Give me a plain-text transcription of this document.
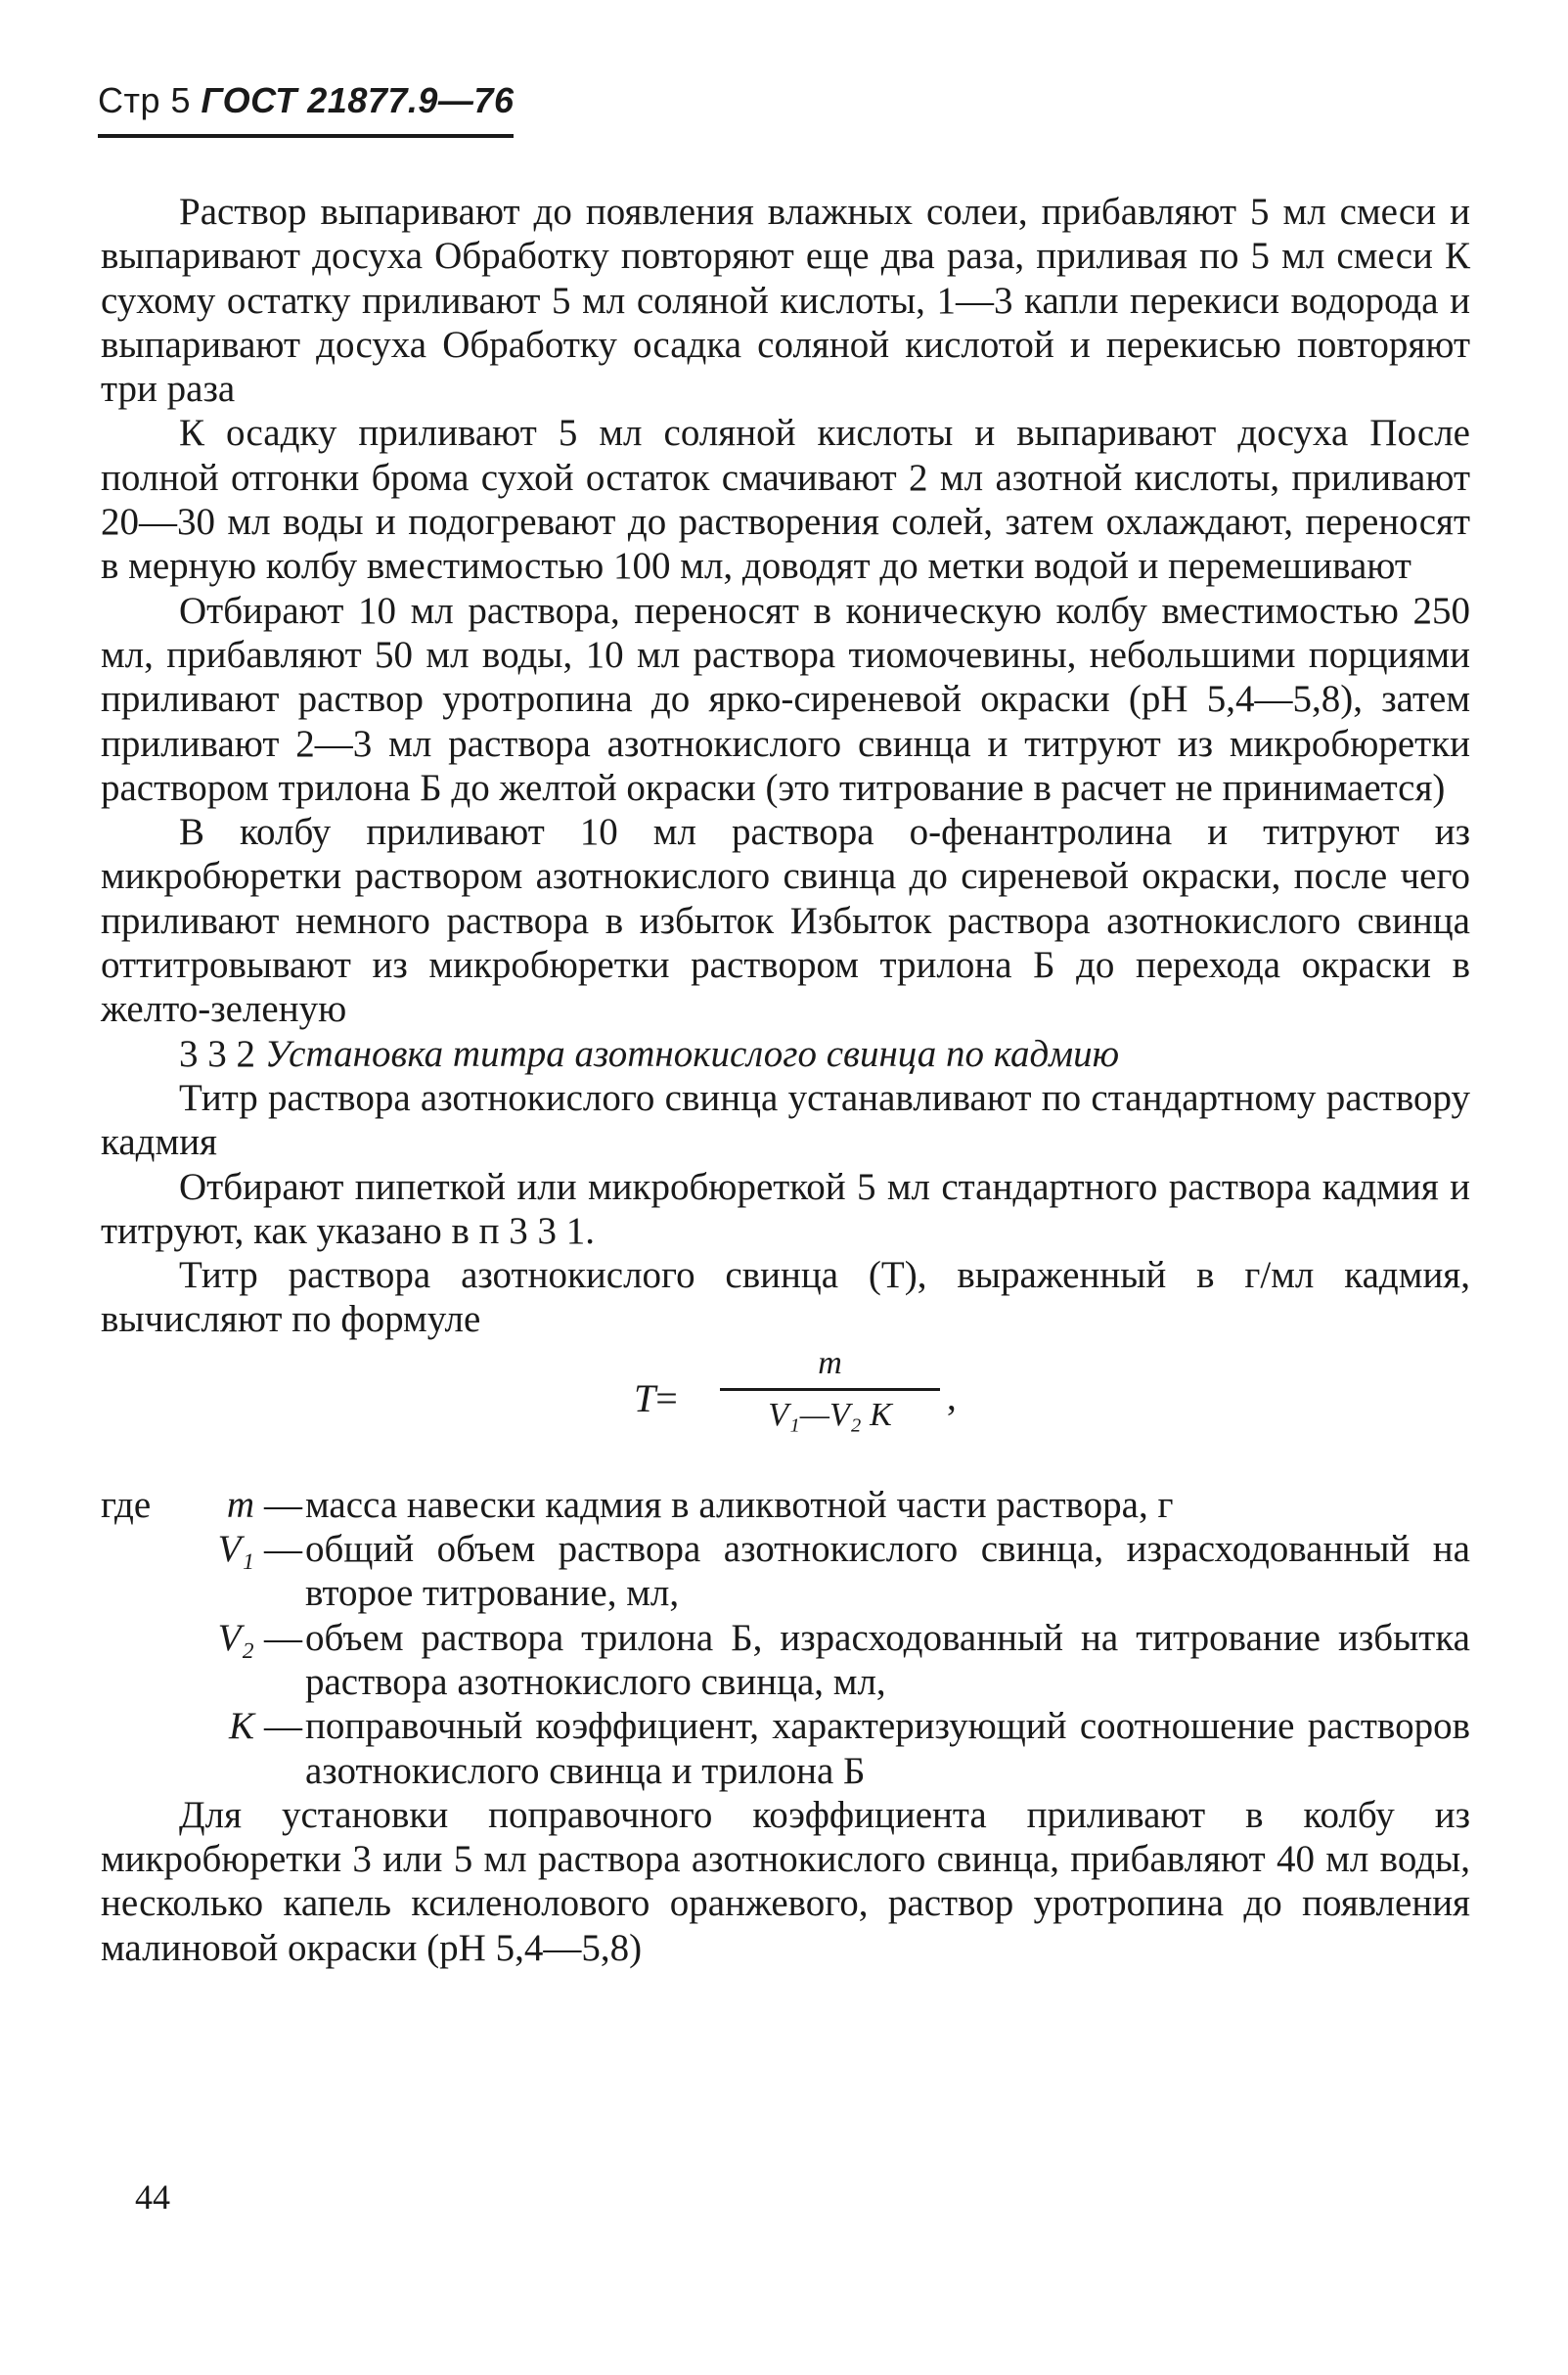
Стр 5 ГОСТ 21877.9—76

Раствор выпаривают до появления влажных солеи, прибавляют 5 мл смеси и выпаривают досуха Обработку повторяют еще два раза, приливая по 5 мл смеси К сухому остатку приливают 5 мл соляной кислоты, 1—3 капли перекиси водорода и выпаривают досуха Обработку осадка соляной кислотой и перекисью повторяют три раза

К осадку приливают 5 мл соляной кислоты и выпаривают досуха После полной отгонки брома сухой остаток смачивают 2 мл азотной кислоты, приливают 20—30 мл воды и подогревают до растворения солей, затем охлаждают, переносят в мерную колбу вместимостью 100 мл, доводят до метки водой и перемешивают

Отбирают 10 мл раствора, переносят в коническую колбу вместимостью 250 мл, прибавляют 50 мл воды, 10 мл раствора тиомочевины, небольшими порциями приливают раствор уротропина до ярко-сиреневой окраски (рН 5,4—5,8), затем приливают 2—3 мл раствора азотнокислого свинца и титруют из микробюретки раствором трилона Б до желтой окраски (это титрование в расчет не принимается)

В колбу приливают 10 мл раствора о-фенантролина и титруют из микробюретки раствором азотнокислого свинца до сиреневой окраски, после чего приливают немного раствора в избыток Избыток раствора азотнокислого свинца оттитровывают из микробюретки раствором трилона Б до перехода окраски в желто-зеленую

3 3 2 Установка титра азотнокислого свинца по кадмию

Титр раствора азотнокислого свинца устанавливают по стандартному раствору кадмия

Отбирают пипеткой или микробюреткой 5 мл стандартного раствора кадмия и титруют, как указано в п 3 3 1.

Титр раствора азотнокислого свинца (Т), выраженный в г/мл кадмия, вычисляют по формуле

T=
m
V₁—V₂ K	,
где	m — масса навески кадмия в аликвотной части раствора, г
V₁ — общий объем раствора азотнокислого свинца, израсходованный на второе титрование, мл,
V₂ — объем раствора трилона Б, израсходованный на титрование избытка раствора азотнокислого свинца, мл,
K — поправочный коэффициент, характеризующий соотношение растворов азотнокислого свинца и трилона Б

Для установки поправочного коэффициента приливают в колбу из микробюретки 3 или 5 мл раствора азотнокислого свинца, прибавляют 40 мл воды, несколько капель ксиленолового оранжевого, раствор уротропина до появления малиновой окраски (рН 5,4—5,8)

44
